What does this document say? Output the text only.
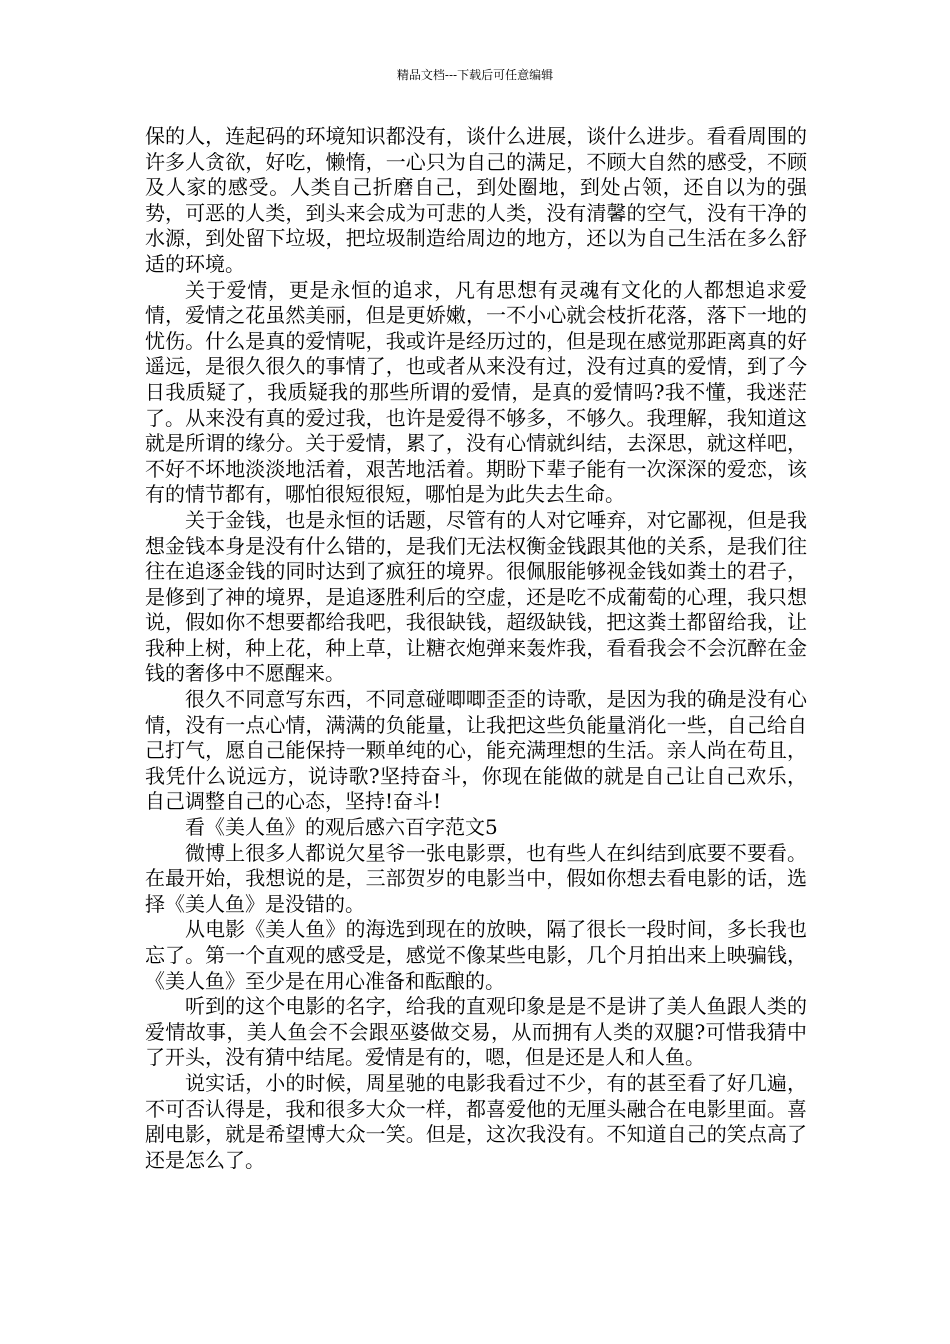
精品文档---下载后可任意编辑

保的人，连起码的环境知识都没有，谈什么进展，谈什么进步。看看周围的许多人贪欲，好吃，懒惰，一心只为自己的满足，不顾大自然的感受，不顾及人家的感受。人类自己折磨自己，到处圈地，到处占领，还自以为的强势，可恶的人类，到头来会成为可悲的人类，没有清馨的空气，没有干净的水源，到处留下垃圾，把垃圾制造给周边的地方，还以为自己生活在多么舒适的环境。

关于爱情，更是永恒的追求，凡有思想有灵魂有文化的人都想追求爱情，爱情之花虽然美丽，但是更娇嫩，一不小心就会枝折花落，落下一地的忧伤。什么是真的爱情呢，我或许是经历过的，但是现在感觉那距离真的好遥远，是很久很久的事情了，也或者从来没有过，没有过真的爱情，到了今日我质疑了，我质疑我的那些所谓的爱情，是真的爱情吗?我不懂，我迷茫了。从来没有真的爱过我，也许是爱得不够多，不够久。我理解，我知道这就是所谓的缘分。关于爱情，累了，没有心情就纠结，去深思，就这样吧，不好不坏地淡淡地活着，艰苦地活着。期盼下辈子能有一次深深的爱恋，该有的情节都有，哪怕很短很短，哪怕是为此失去生命。

关于金钱，也是永恒的话题，尽管有的人对它唾弃，对它鄙视，但是我想金钱本身是没有什么错的，是我们无法权衡金钱跟其他的关系，是我们往往在追逐金钱的同时达到了疯狂的境界。很佩服能够视金钱如粪土的君子，是修到了神的境界，是追逐胜利后的空虚，还是吃不成葡萄的心理，我只想说，假如你不想要都给我吧，我很缺钱，超级缺钱，把这粪土都留给我，让我种上树，种上花，种上草，让糖衣炮弹来轰炸我，看看我会不会沉醉在金钱的奢侈中不愿醒来。

很久不同意写东西，不同意碰唧唧歪歪的诗歌，是因为我的确是没有心情，没有一点心情，满满的负能量，让我把这些负能量消化一些，自己给自己打气，愿自己能保持一颗单纯的心，能充满理想的生活。亲人尚在苟且，我凭什么说远方，说诗歌?坚持奋斗，你现在能做的就是自己让自己欢乐，自己调整自己的心态，坚持!奋斗!

看《美人鱼》的观后感六百字范文5

微博上很多人都说欠星爷一张电影票，也有些人在纠结到底要不要看。在最开始，我想说的是，三部贺岁的电影当中，假如你想去看电影的话，选择《美人鱼》是没错的。

从电影《美人鱼》的海选到现在的放映，隔了很长一段时间，多长我也忘了。第一个直观的感受是，感觉不像某些电影，几个月拍出来上映骗钱，《美人鱼》至少是在用心准备和酝酿的。

听到的这个电影的名字，给我的直观印象是是不是讲了美人鱼跟人类的爱情故事，美人鱼会不会跟巫婆做交易，从而拥有人类的双腿?可惜我猜中了开头，没有猜中结尾。爱情是有的，嗯，但是还是人和人鱼。

说实话，小的时候，周星驰的电影我看过不少，有的甚至看了好几遍，不可否认得是，我和很多大众一样，都喜爱他的无厘头融合在电影里面。喜剧电影，就是希望博大众一笑。但是，这次我没有。不知道自己的笑点高了还是怎么了。
